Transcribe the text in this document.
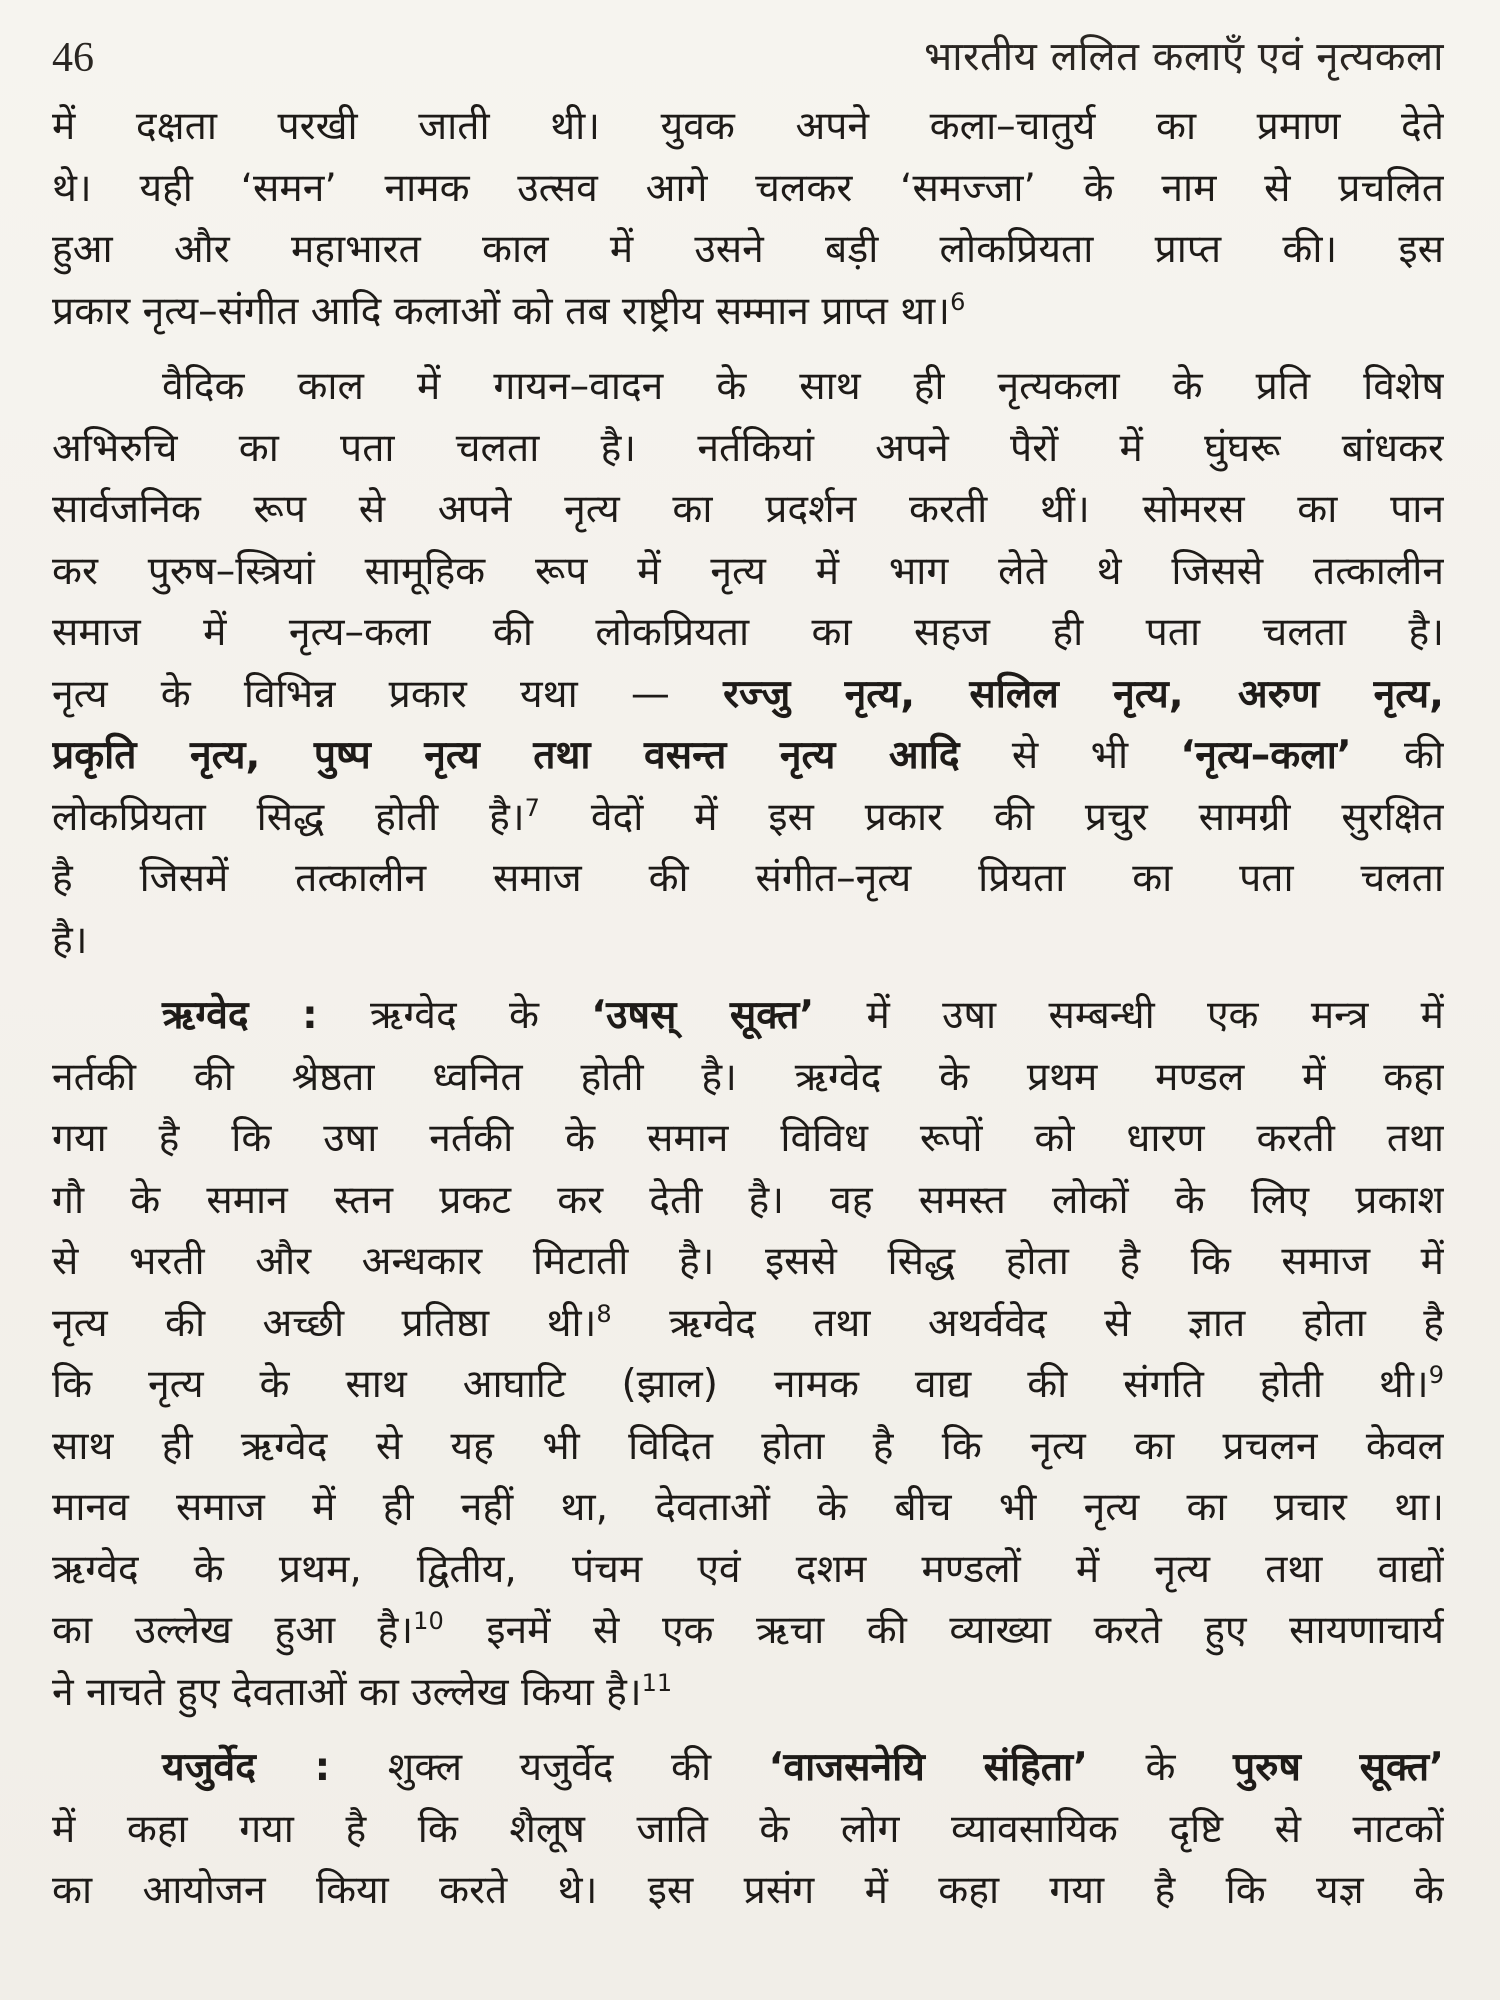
46	भारतीय ललित कलाएँ एवं नृत्यकला
में दक्षता परखी जाती थी। युवक अपने कला–चातुर्य का प्रमाण देते
थे। यही ‘समन’ नामक उत्सव आगे चलकर ‘समज्जा’ के नाम से प्रचलित
हुआ और महाभारत काल में उसने बड़ी लोकप्रियता प्राप्त की। इस
प्रकार नृत्य–संगीत आदि कलाओं को तब राष्ट्रीय सम्मान प्राप्त था।$^6$
वैदिक काल में गायन–वादन के साथ ही नृत्यकला के प्रति विशेष
अभिरुचि का पता चलता है। नर्तकियां अपने पैरों में घुंघरू बांधकर
सार्वजनिक रूप से अपने नृत्य का प्रदर्शन करती थीं। सोमरस का पान
कर पुरुष–स्त्रियां सामूहिक रूप में नृत्य में भाग लेते थे जिससे तत्कालीन
समाज में नृत्य–कला की लोकप्रियता का सहज ही पता चलता है।
नृत्य के विभिन्न प्रकार यथा — रज्जु नृत्य, सलिल नृत्य, अरुण नृत्य,
प्रकृति नृत्य, पुष्प नृत्य तथा वसन्त नृत्य आदि से भी ‘नृत्य–कला’ की
लोकप्रियता सिद्ध होती है।$^7$ वेदों में इस प्रकार की प्रचुर सामग्री सुरक्षित
है जिसमें तत्कालीन समाज की संगीत–नृत्य प्रियता का पता चलता
है।
ऋग्वेद : ऋग्वेद के ‘उषस् सूक्त’ में उषा सम्बन्धी एक मन्त्र में
नर्तकी की श्रेष्ठता ध्वनित होती है। ऋग्वेद के प्रथम मण्डल में कहा
गया है कि उषा नर्तकी के समान विविध रूपों को धारण करती तथा
गौ के समान स्तन प्रकट कर देती है। वह समस्त लोकों के लिए प्रकाश
से भरती और अन्धकार मिटाती है। इससे सिद्ध होता है कि समाज में
नृत्य की अच्छी प्रतिष्ठा थी।$^8$ ऋग्वेद तथा अथर्ववेद से ज्ञात होता है
कि नृत्य के साथ आघाटि (झाल) नामक वाद्य की संगति होती थी।$^9$
साथ ही ऋग्वेद से यह भी विदित होता है कि नृत्य का प्रचलन केवल
मानव समाज में ही नहीं था, देवताओं के बीच भी नृत्य का प्रचार था।
ऋग्वेद के प्रथम, द्वितीय, पंचम एवं दशम मण्डलों में नृत्य तथा वाद्यों
का उल्लेख हुआ है।$^{10}$ इनमें से एक ऋचा की व्याख्या करते हुए सायणाचार्य
ने नाचते हुए देवताओं का उल्लेख किया है।$^{11}$
यजुर्वेद : शुक्ल यजुर्वेद की ‘वाजसनेयि संहिता’ के पुरुष सूक्त’
में कहा गया है कि शैलूष जाति के लोग व्यावसायिक दृष्टि से नाटकों
का आयोजन किया करते थे। इस प्रसंग में कहा गया है कि यज्ञ के
